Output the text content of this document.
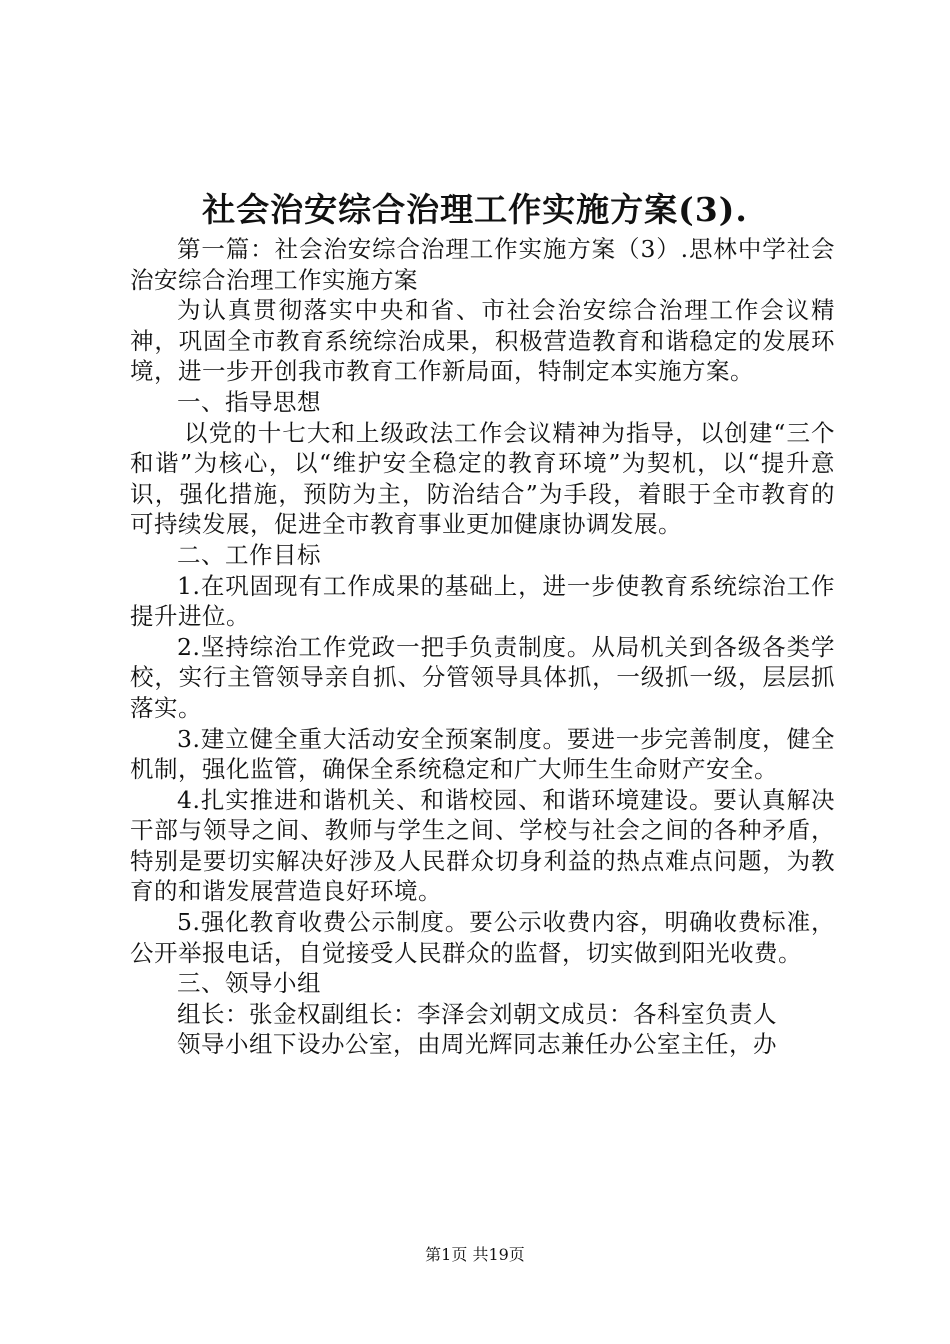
社会治安综合治理工作实施方案(3).

第一篇：社会治安综合治理工作实施方案（3）.思林中学社会治安综合治理工作实施方案

为认真贯彻落实中央和省、市社会治安综合治理工作会议精神，巩固全市教育系统综治成果，积极营造教育和谐稳定的发展环境，进一步开创我市教育工作新局面，特制定本实施方案。

一、指导思想

以党的十七大和上级政法工作会议精神为指导，以创建“三个和谐”为核心，以“维护安全稳定的教育环境”为契机，以“提升意识，强化措施，预防为主，防治结合”为手段，着眼于全市教育的可持续发展，促进全市教育事业更加健康协调发展。

二、工作目标

1.在巩固现有工作成果的基础上，进一步使教育系统综治工作提升进位。

2.坚持综治工作党政一把手负责制度。从局机关到各级各类学校，实行主管领导亲自抓、分管领导具体抓，一级抓一级，层层抓落实。

3.建立健全重大活动安全预案制度。要进一步完善制度，健全机制，强化监管，确保全系统稳定和广大师生生命财产安全。

4.扎实推进和谐机关、和谐校园、和谐环境建设。要认真解决干部与领导之间、教师与学生之间、学校与社会之间的各种矛盾，特别是要切实解决好涉及人民群众切身利益的热点难点问题，为教育的和谐发展营造良好环境。

5.强化教育收费公示制度。要公示收费内容，明确收费标准，公开举报电话，自觉接受人民群众的监督，切实做到阳光收费。

三、领导小组

组长：张金权副组长：李泽会刘朝文成员：各科室负责人

领导小组下设办公室，由周光辉同志兼任办公室主任，办

第1页 共19页
